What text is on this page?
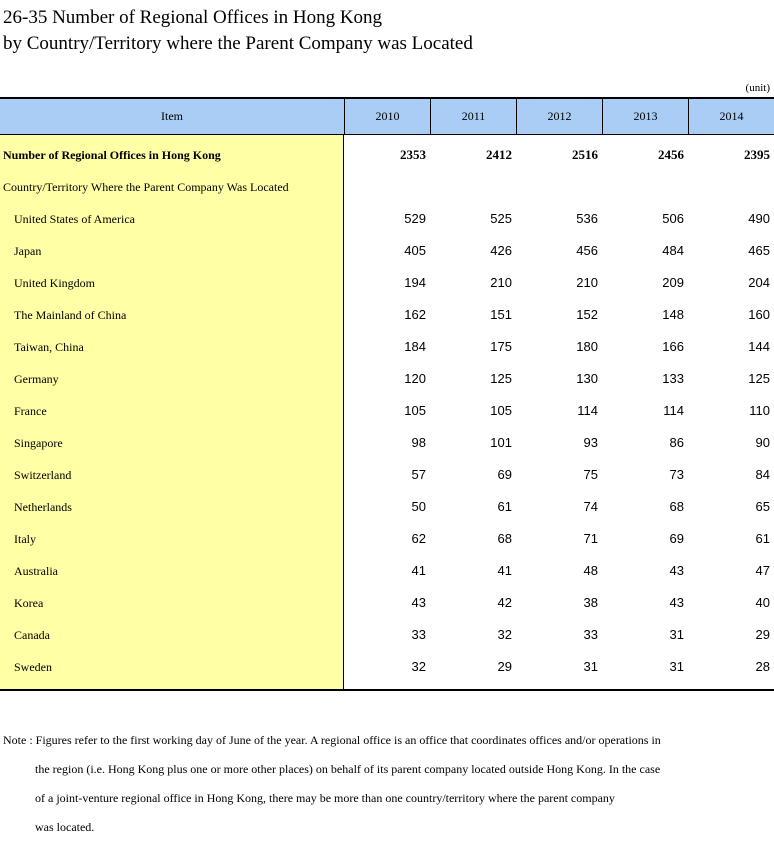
26-35 Number of Regional Offices in Hong Kong
by Country/Territory where the Parent Company was Located
(unit)
Item	2010	2011	2012	2013	2014
Number of Regional Offices in Hong Kong	2353	2412	2516	2456	2395
Country/Territory Where the Parent Company Was Located
United States of America	529	525	536	506	490
Japan	405	426	456	484	465
United Kingdom	194	210	210	209	204
The Mainland of China	162	151	152	148	160
Taiwan, China	184	175	180	166	144
Germany	120	125	130	133	125
France	105	105	114	114	110
Singapore	98	101	93	86	90
Switzerland	57	69	75	73	84
Netherlands	50	61	74	68	65
Italy	62	68	71	69	61
Australia	41	41	48	43	47
Korea	43	42	38	43	40
Canada	33	32	33	31	29
Sweden	32	29	31	31	28
Note : Figures refer to the first working day of June of the year. A regional office is an office that coordinates offices and/or operations in
the region (i.e. Hong Kong plus one or more other places) on behalf of its parent company located outside Hong Kong. In the case
of a joint-venture regional office in Hong Kong, there may be more than one country/territory where the parent company
was located.
